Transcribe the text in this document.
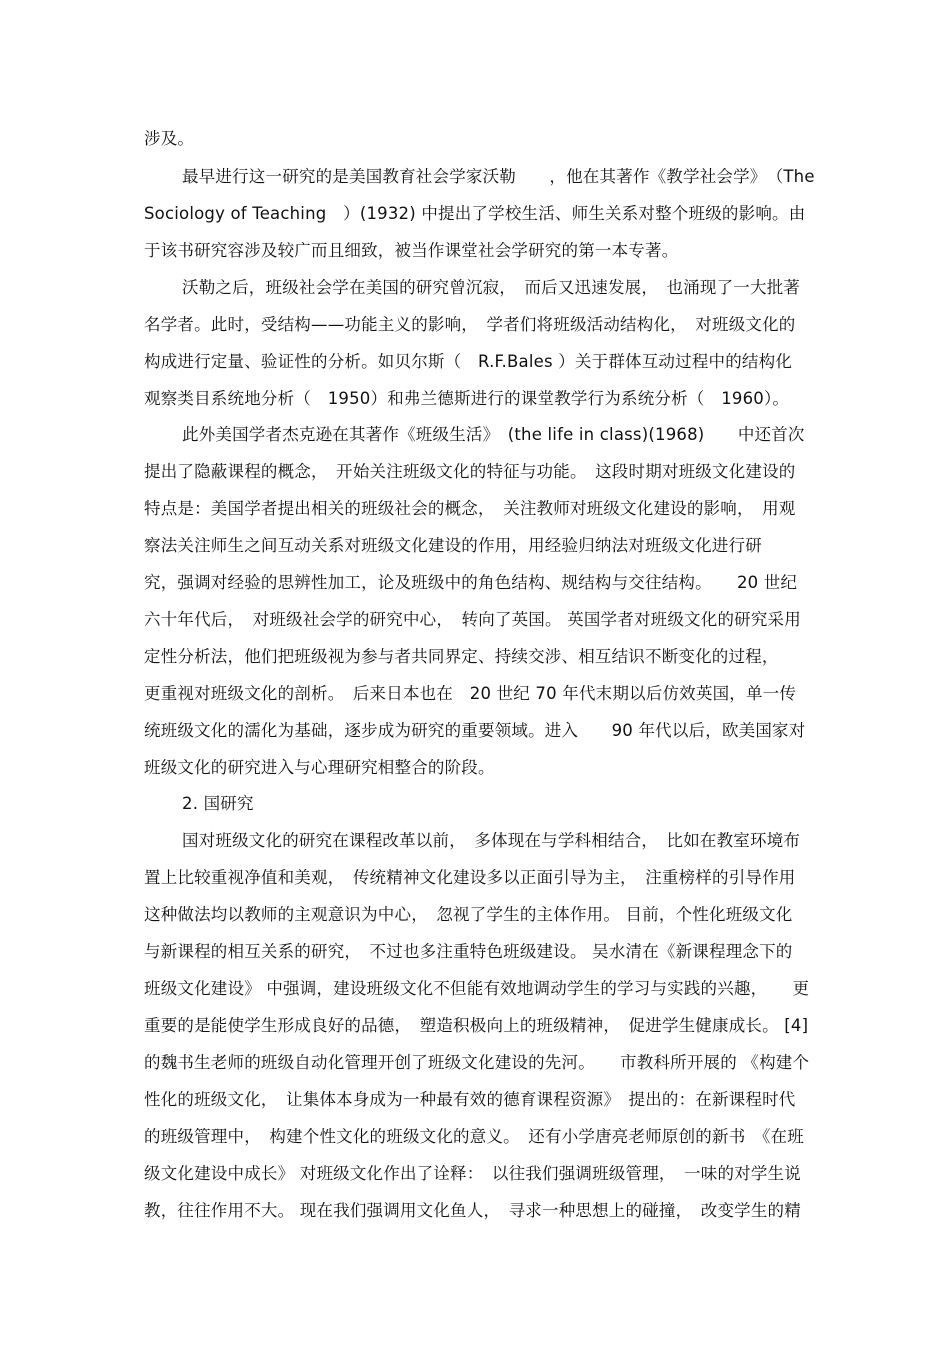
涉及。
最早进行这一研究的是美国教育社会学家沃勒　　，他在其著作《教学社会学》　（The
Sociology of Teaching　）(1932) 中提出了学校生活、师生关系对整个班级的影响。由
于该书研究容涉及较广而且细致，被当作课堂社会学研究的第一本专著。
沃勒之后，班级社会学在美国的研究曾沉寂，　而后又迅速发展，　也涌现了一大批著
名学者。此时，受结构——功能主义的影响，　学者们将班级活动结构化，　对班级文化的
构成进行定量、验证性的分析。如贝尔斯（　R.F.Bales ）关于群体互动过程中的结构化
观察类目系统地分析（　1950）和弗兰德斯进行的课堂教学行为系统分析（　1960）。
此外美国学者杰克逊在其著作《班级生活》　(the life in class)(1968)　　中还首次
提出了隐蔽课程的概念，　开始关注班级文化的特征与功能。　这段时期对班级文化建设的
特点是：美国学者提出相关的班级社会的概念，　关注教师对班级文化建设的影响，　用观
察法关注师生之间互动关系对班级文化建设的作用，用经验归纳法对班级文化进行研
究，强调对经验的思辨性加工，论及班级中的角色结构、规结构与交往结构。　　20 世纪
六十年代后，　对班级社会学的研究中心，　转向了英国。 英国学者对班级文化的研究采用
定性分析法，他们把班级视为参与者共同界定、持续交涉、相互结识不断变化的过程，
更重视对班级文化的剖析。　后来日本也在　20 世纪 70 年代末期以后仿效英国，单一传
统班级文化的濡化为基础，逐步成为研究的重要领域。进入　　90 年代以后，欧美国家对
班级文化的研究进入与心理研究相整合的阶段。
2. 国研究
国对班级文化的研究在课程改革以前，　多体现在与学科相结合，　比如在教室环境布
置上比较重视净值和美观，　传统精神文化建设多以正面引导为主，　注重榜样的引导作用
这种做法均以教师的主观意识为中心，　忽视了学生的主体作用。 目前，个性化班级文化
与新课程的相互关系的研究，　不过也多注重特色班级建设。 吴水清在《新课程理念下的
班级文化建设》 中强调，建设班级文化不但能有效地调动学生的学习与实践的兴趣，　　更
重要的是能使学生形成良好的品德，　塑造积极向上的班级精神，　促进学生健康成长。 [4]
的魏书生老师的班级自动化管理开创了班级文化建设的先河。　　市教科所开展的 《构建个
性化的班级文化，　让集体本身成为一种最有效的德育课程资源》　提出的：在新课程时代
的班级管理中，　构建个性文化的班级文化的意义。　还有小学唐亮老师原创的新书　《在班
级文化建设中成长》 对班级文化作出了诠释：　以往我们强调班级管理，　一味的对学生说
教，往往作用不大。 现在我们强调用文化鱼人，　寻求一种思想上的碰撞，　改变学生的精
